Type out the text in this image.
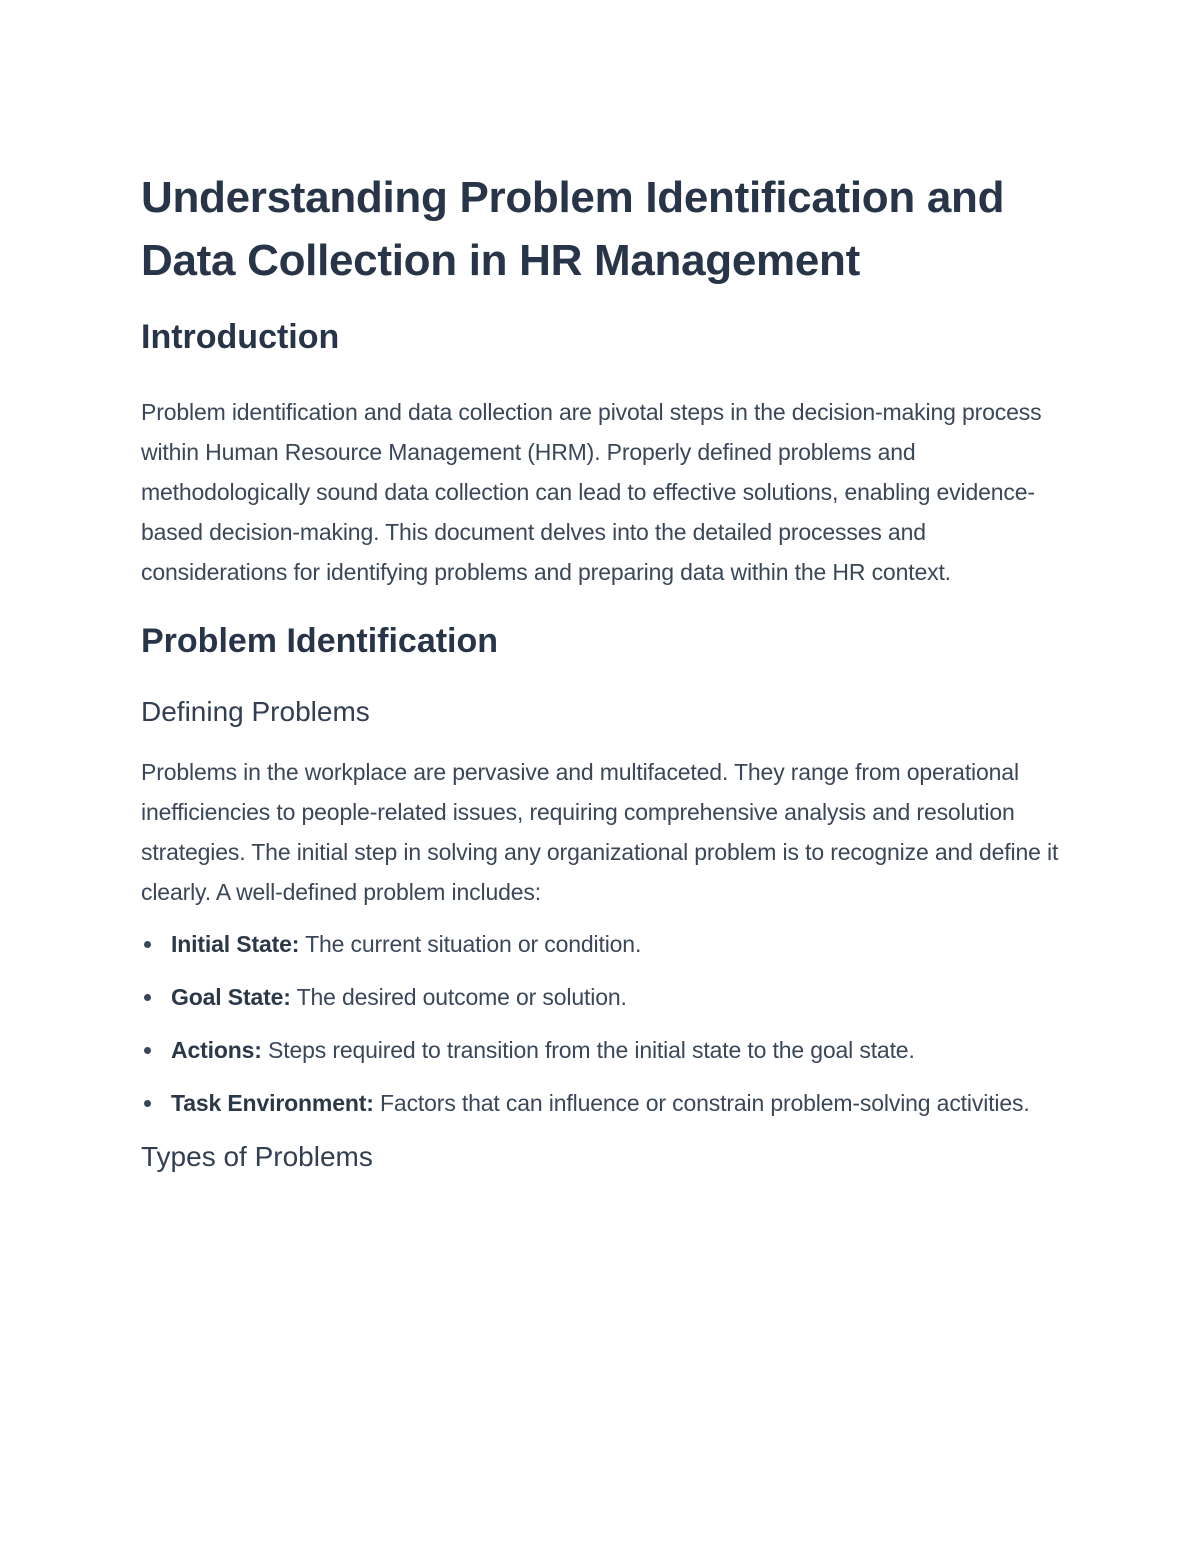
Understanding Problem Identification and Data Collection in HR Management
Introduction

Problem identification and data collection are pivotal steps in the decision-making process within Human Resource Management (HRM). Properly defined problems and methodologically sound data collection can lead to effective solutions, enabling evidence-based decision-making. This document delves into the detailed processes and considerations for identifying problems and preparing data within the HR context.

Problem Identification
Defining Problems

Problems in the workplace are pervasive and multifaceted. They range from operational inefficiencies to people-related issues, requiring comprehensive analysis and resolution strategies. The initial step in solving any organizational problem is to recognize and define it clearly. A well-defined problem includes:

Initial State: The current situation or condition.
Goal State: The desired outcome or solution.
Actions: Steps required to transition from the initial state to the goal state.
Task Environment: Factors that can influence or constrain problem-solving activities.
Types of Problems
